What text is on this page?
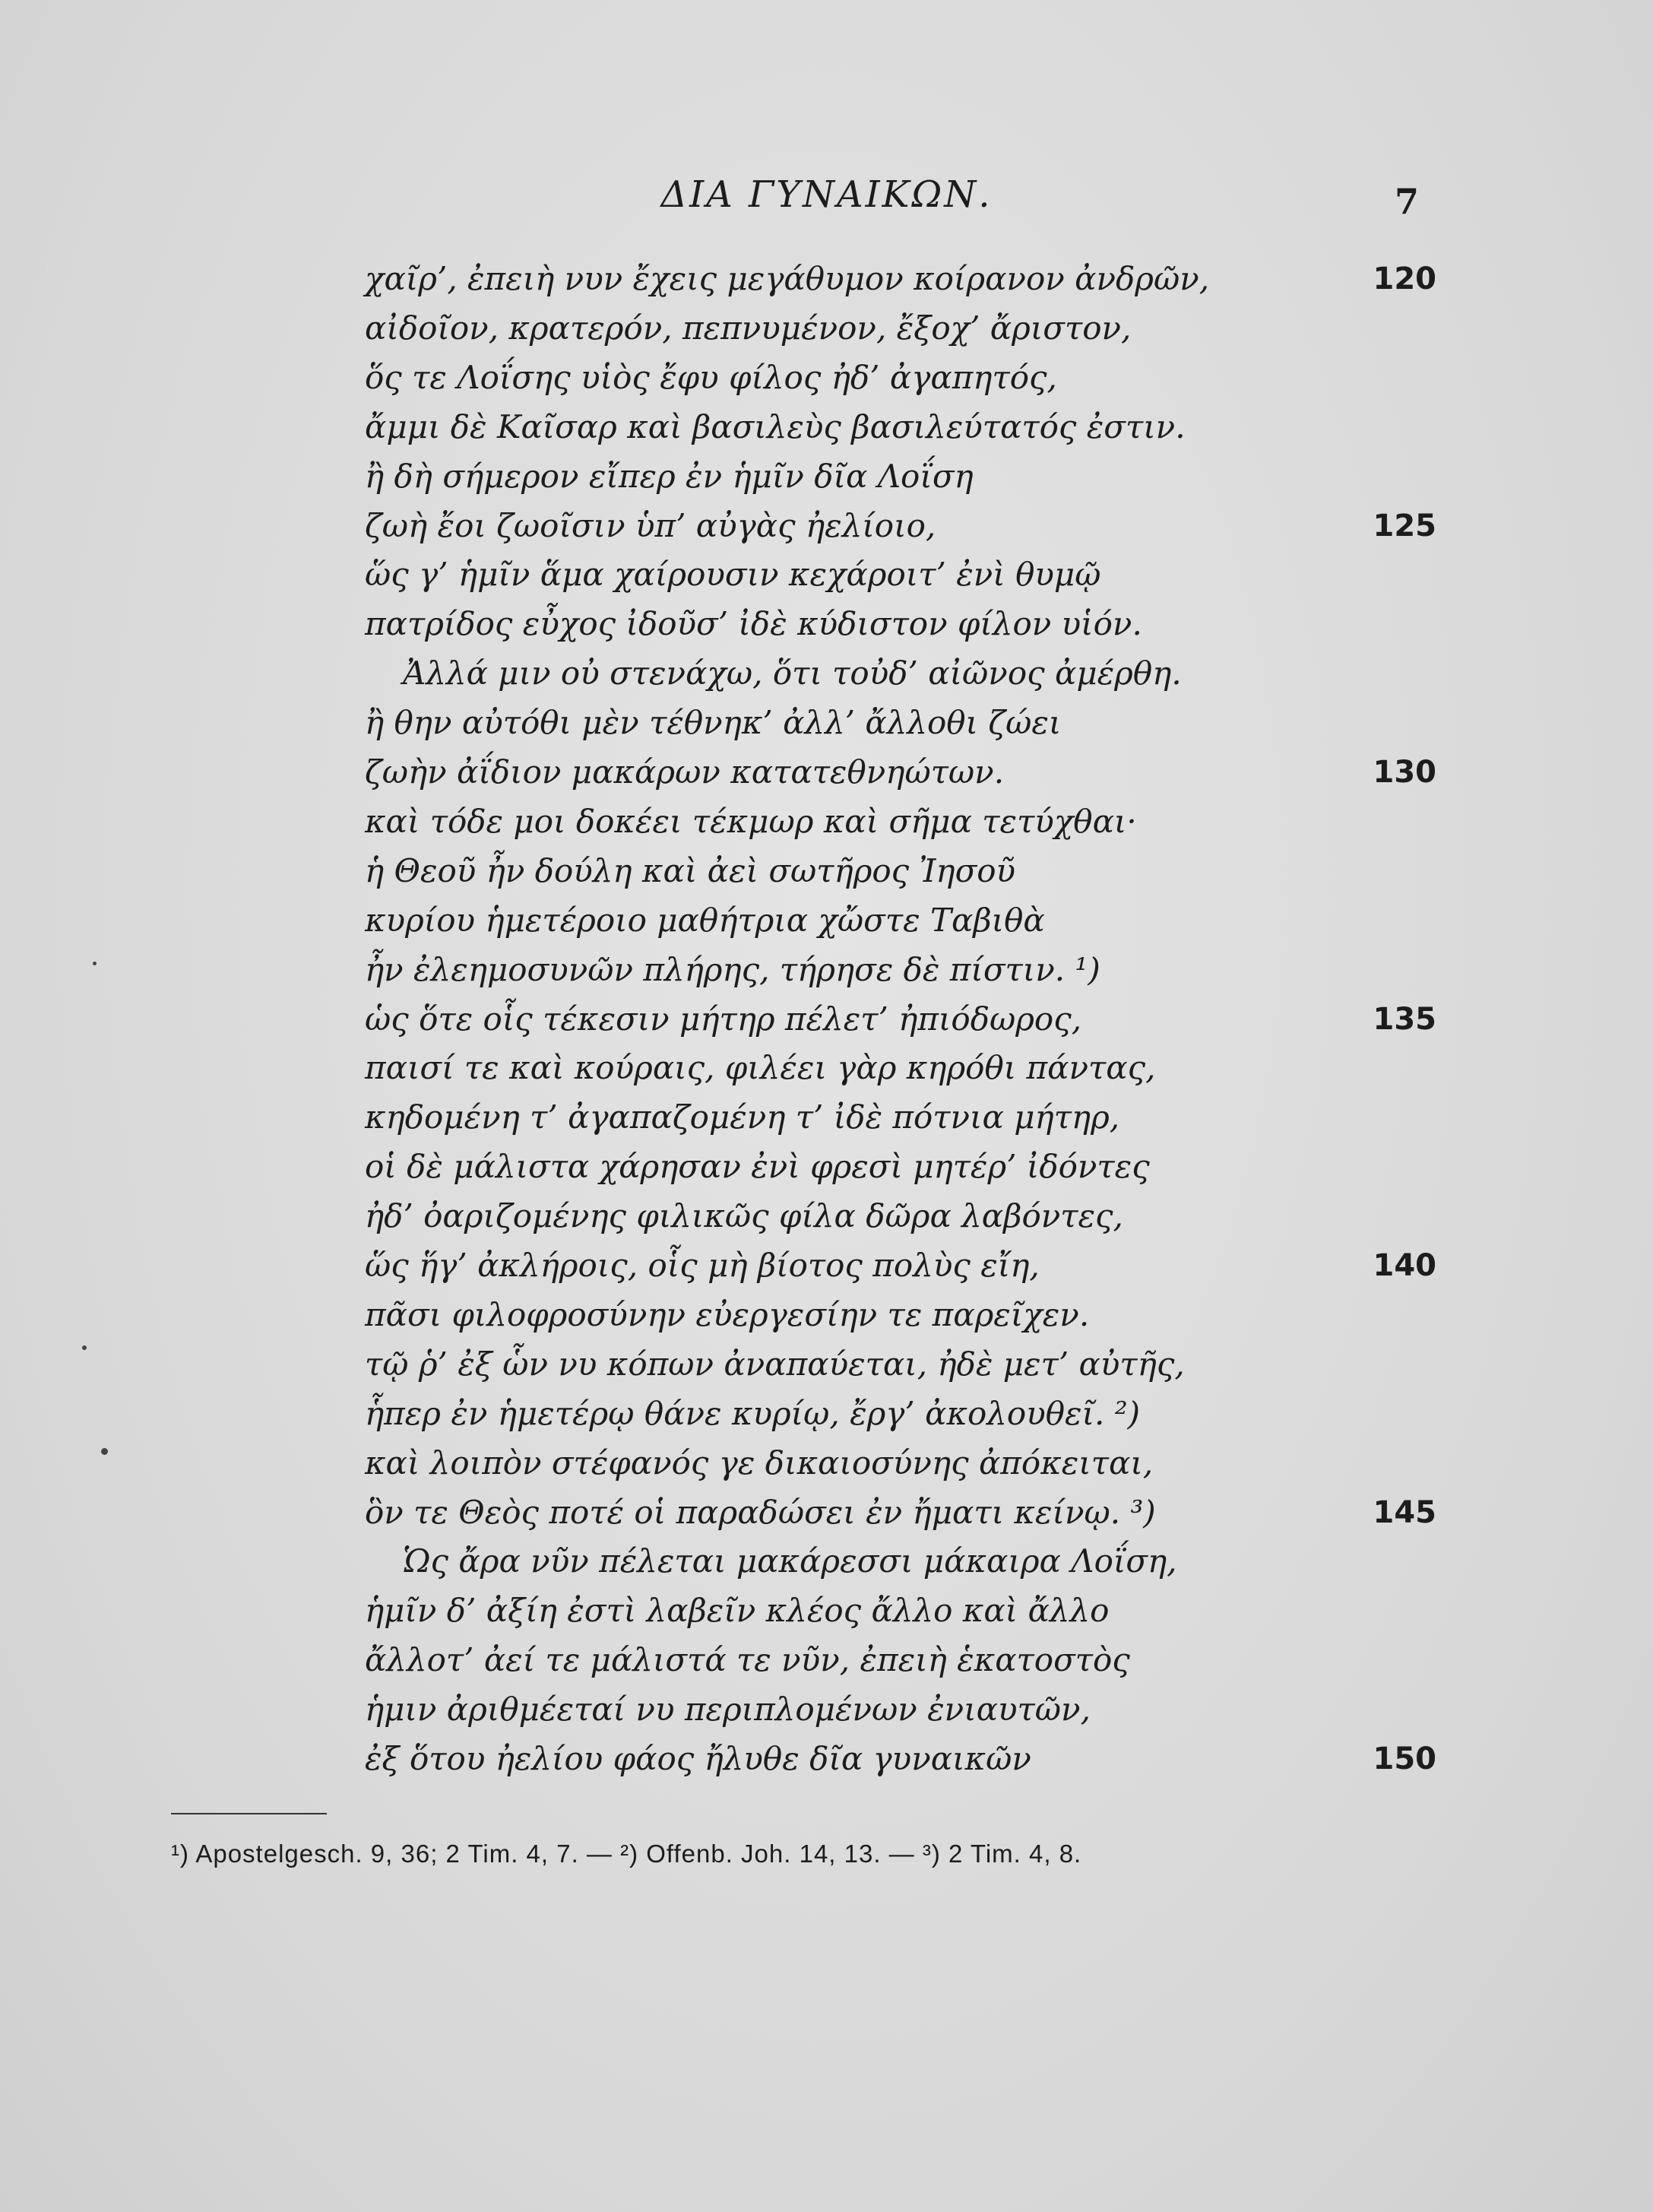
ΔΙΑ ΓΥΝΑΙΚΩΝ.	7
χαῖρ’, ἐπειὴ νυν ἔχεις μεγάθυμον κοίρανον ἀνδρῶν,	120
αἰδοῖον, κρατερόν, πεπνυμένον, ἔξοχ’ ἄριστον,
ὅς τε Λοΐσης υἱὸς ἔφυ φίλος ἠδ’ ἀγαπητός,
ἄμμι δὲ Καῖσαρ καὶ βασιλεὺς βασιλεύτατός ἐστιν.
ἢ δὴ σήμερον εἴπερ ἐν ἡμῖν δῖα Λοΐση
ζωὴ ἔοι ζωοῖσιν ὑπ’ αὐγὰς ἠελίοιο,	125
ὥς γ’ ἡμῖν ἅμα χαίρουσιν κεχάροιτ’ ἐνὶ θυμῷ
πατρίδος εὖχος ἰδοῦσ’ ἰδὲ κύδιστον φίλον υἱόν.
Ἀλλά μιν οὐ στενάχω, ὅτι τοὐδ’ αἰῶνος ἀμέρθη.
ἢ θην αὐτόθι μὲν τέθνηκ’ ἀλλ’ ἄλλοθι ζώει
ζωὴν ἀΐδιον μακάρων κατατεθνηώτων.	130
καὶ τόδε μοι δοκέει τέκμωρ καὶ σῆμα τετύχθαι·
ἡ Θεοῦ ἦν δούλη καὶ ἀεὶ σωτῆρος Ἰησοῦ
κυρίου ἡμετέροιο μαθήτρια χὤστε Ταβιθὰ
ἦν ἐλεημοσυνῶν πλήρης, τήρησε δὲ πίστιν. ¹)
ὡς ὅτε οἷς τέκεσιν μήτηρ πέλετ’ ἠπιόδωρος,	135
παισί τε καὶ κούραις, φιλέει γὰρ κηρόθι πάντας,
κηδομένη τ’ ἀγαπαζομένη τ’ ἰδὲ πότνια μήτηρ,
οἱ δὲ μάλιστα χάρησαν ἐνὶ φρεσὶ μητέρ’ ἰδόντες
ἠδ’ ὀαριζομένης φιλικῶς φίλα δῶρα λαβόντες,
ὥς ἥγ’ ἀκλήροις, οἷς μὴ βίοτος πολὺς εἴη,	140
πᾶσι φιλοφροσύνην εὐεργεσίην τε παρεῖχεν.
τῷ ῥ’ ἐξ ὧν νυ κόπων ἀναπαύεται, ἠδὲ μετ’ αὐτῆς,
ἧπερ ἐν ἡμετέρῳ θάνε κυρίῳ, ἔργ’ ἀκολουθεῖ. ²)
καὶ λοιπὸν στέφανός γε δικαιοσύνης ἀπόκειται,
ὃν τε Θεὸς ποτέ οἱ παραδώσει ἐν ἤματι κείνῳ. ³)	145
Ὡς ἄρα νῦν πέλεται μακάρεσσι μάκαιρα Λοΐση,
ἡμῖν δ’ ἀξίη ἐστὶ λαβεῖν κλέος ἄλλο καὶ ἄλλο
ἄλλοτ’ ἀεί τε μάλιστά τε νῦν, ἐπειὴ ἑκατοστὸς
ἡμιν ἀριθμέεταί νυ περιπλομένων ἐνιαυτῶν,
ἐξ ὅτου ἠελίου φάος ἤλυθε δῖα γυναικῶν	150
¹) Apostelgesch. 9, 36; 2 Tim. 4, 7. — ²) Offenb. Joh. 14, 13. — ³) 2 Tim. 4, 8.
